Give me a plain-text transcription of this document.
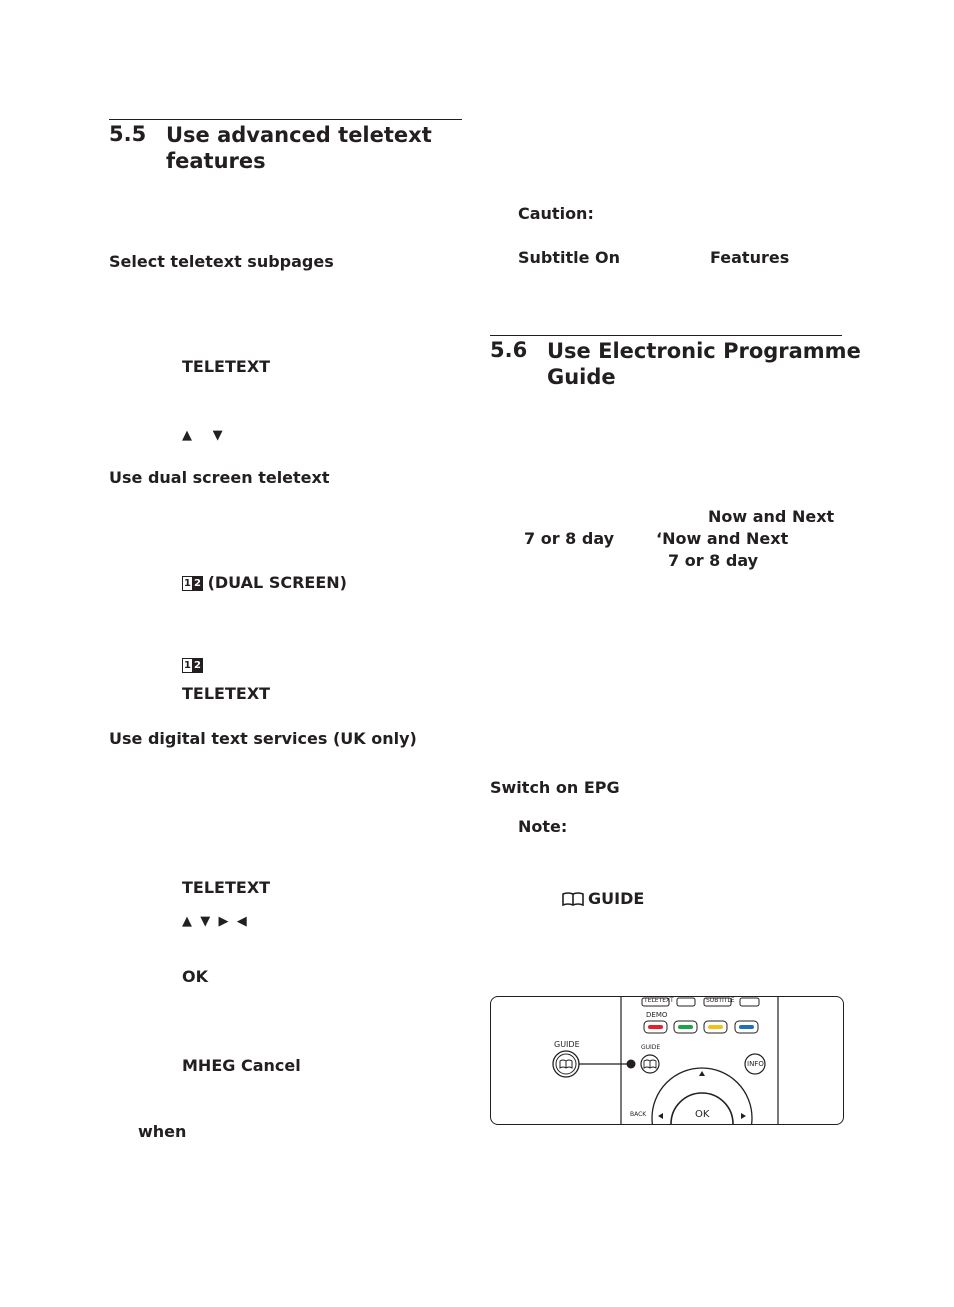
5.5 Use advanced teletext
features
Select teletext subpages
TELETEXT
▲     ▼
Use dual screen teletext
1 2 (DUAL SCREEN)
1 2
TELETEXT
Use digital text services (UK only)
TELETEXT
▲  ▼  ▶  ◀
OK
MHEG Cancel
when
Caution:
Subtitle On	Features
5.6 Use Electronic Programme
Guide
Now and Next
7 or 8 day	‘Now and Next
7 or 8 day
Switch on EPG
Note:
GUIDE
TELETEXT	SUBTITLE
DEMO
GUIDE
INFO
OK
BACK
GUIDE
